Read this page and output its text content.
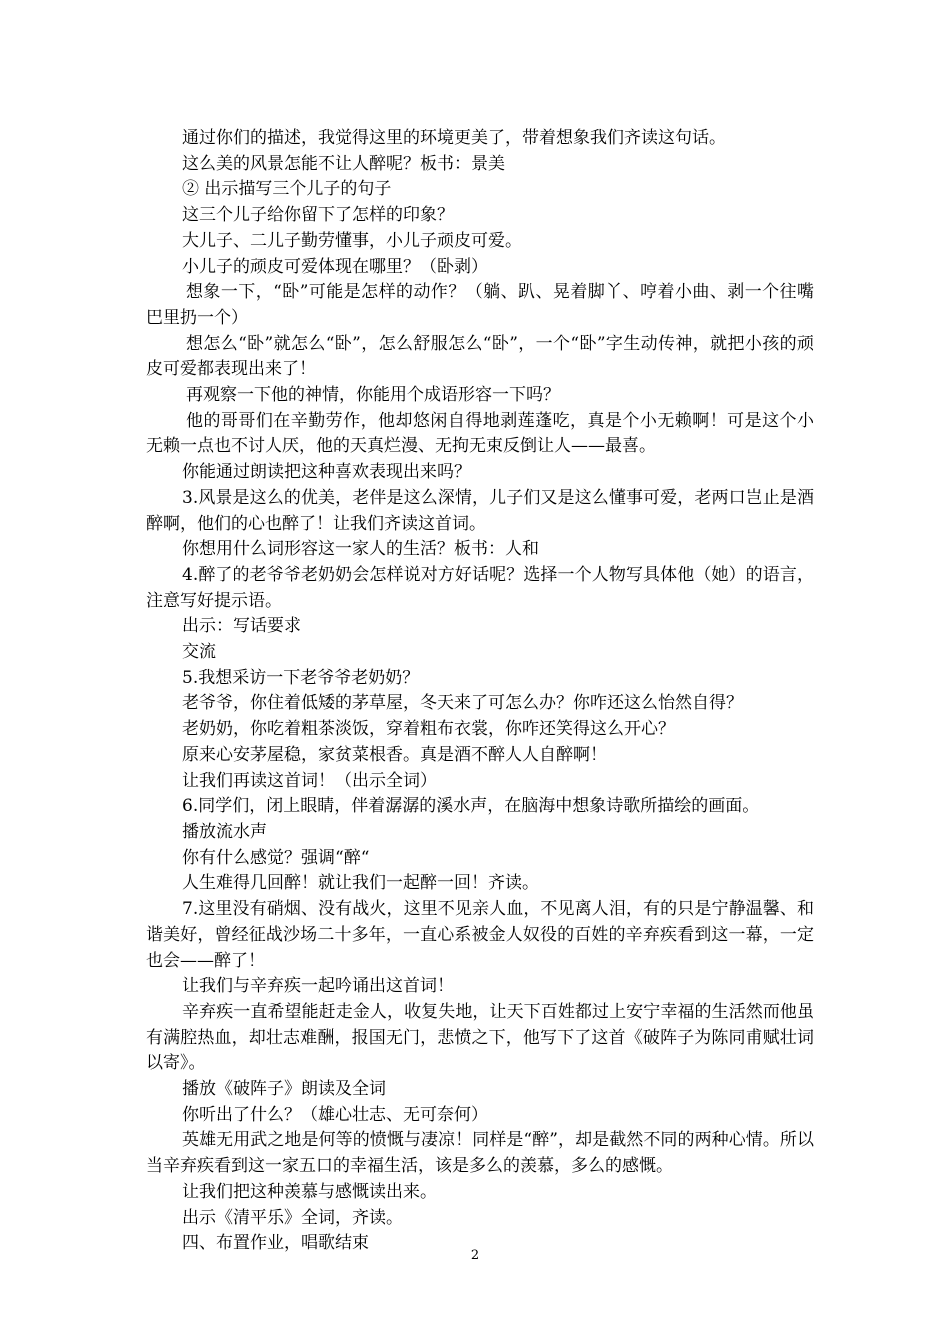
通过你们的描述，我觉得这里的环境更美了，带着想象我们齐读这句话。

这么美的风景怎能不让人醉呢？板书：景美

② 出示描写三个儿子的句子

这三个儿子给你留下了怎样的印象？

大儿子、二儿子勤劳懂事，小儿子顽皮可爱。

小儿子的顽皮可爱体现在哪里？（卧剥）

想象一下，“卧”可能是怎样的动作？（躺、趴、晃着脚丫、哼着小曲、剥一个往嘴巴里扔一个）

想怎么“卧”就怎么“卧”，怎么舒服怎么“卧”，一个“卧”字生动传神，就把小孩的顽皮可爱都表现出来了！

再观察一下他的神情，你能用个成语形容一下吗？

他的哥哥们在辛勤劳作，他却悠闲自得地剥莲蓬吃，真是个小无赖啊！可是这个小无赖一点也不讨人厌，他的天真烂漫、无拘无束反倒让人——最喜。

你能通过朗读把这种喜欢表现出来吗？

3.风景是这么的优美，老伴是这么深情，儿子们又是这么懂事可爱，老两口岂止是酒醉啊，他们的心也醉了！让我们齐读这首词。

你想用什么词形容这一家人的生活？板书：人和

4.醉了的老爷爷老奶奶会怎样说对方好话呢？选择一个人物写具体他（她）的语言，注意写好提示语。

出示：写话要求

交流

5.我想采访一下老爷爷老奶奶？

老爷爷，你住着低矮的茅草屋，冬天来了可怎么办？你咋还这么怡然自得？

老奶奶，你吃着粗茶淡饭，穿着粗布衣裳，你咋还笑得这么开心？

原来心安茅屋稳，家贫菜根香。真是酒不醉人人自醉啊！

让我们再读这首词！（出示全词）

6.同学们，闭上眼睛，伴着潺潺的溪水声，在脑海中想象诗歌所描绘的画面。

播放流水声

你有什么感觉？强调“醉“

人生难得几回醉！就让我们一起醉一回！齐读。

7.这里没有硝烟、没有战火，这里不见亲人血，不见离人泪，有的只是宁静温馨、和谐美好，曾经征战沙场二十多年，一直心系被金人奴役的百姓的辛弃疾看到这一幕，一定也会——醉了！

让我们与辛弃疾一起吟诵出这首词！

辛弃疾一直希望能赶走金人，收复失地，让天下百姓都过上安宁幸福的生活然而他虽有满腔热血，却壮志难酬，报国无门，悲愤之下，他写下了这首《破阵子为陈同甫赋壮词以寄》。

播放《破阵子》朗读及全词

你听出了什么？（雄心壮志、无可奈何）

英雄无用武之地是何等的愤慨与凄凉！同样是“醉”，却是截然不同的两种心情。所以当辛弃疾看到这一家五口的幸福生活，该是多么的羡慕，多么的感慨。

让我们把这种羡慕与感慨读出来。

出示《清平乐》全词，齐读。

四、布置作业，唱歌结束

2
